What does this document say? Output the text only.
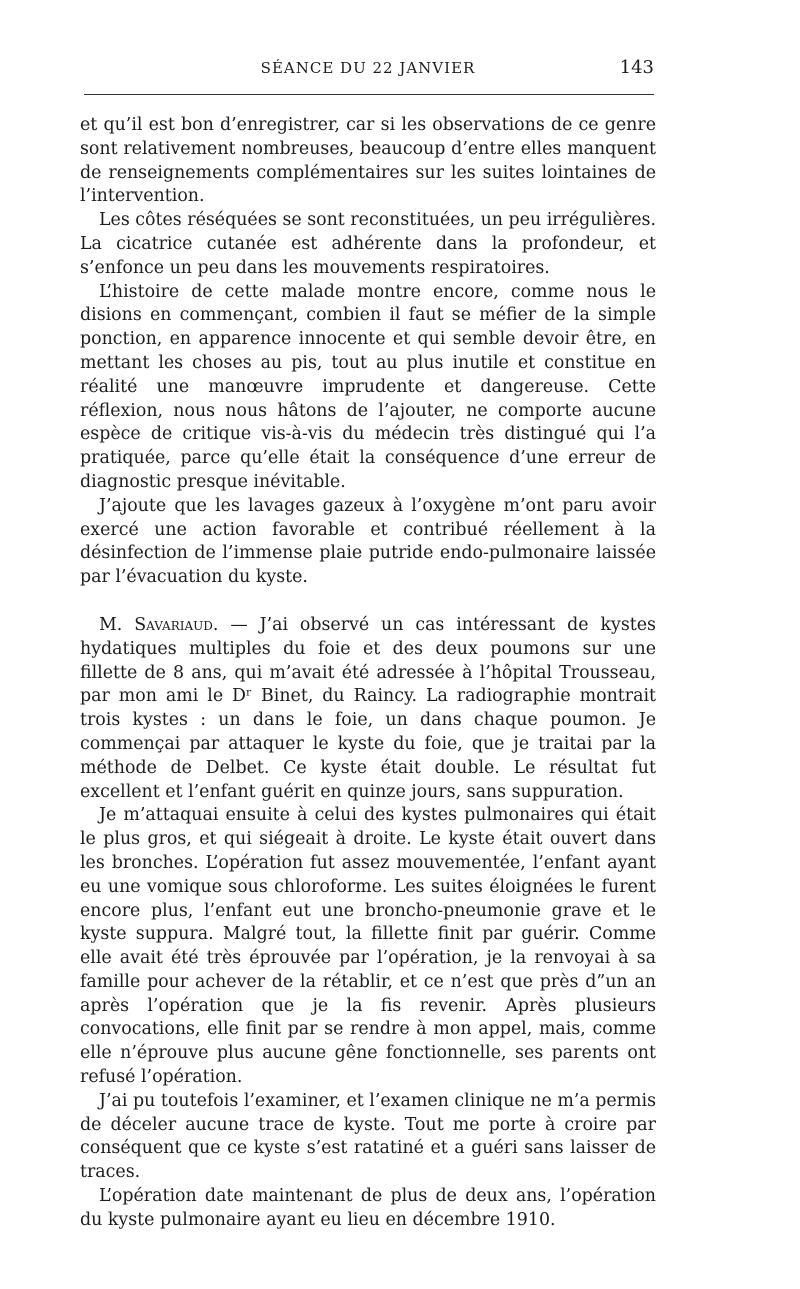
SÉANCE DU 22 JANVIER	143

et qu’il est bon d’enregistrer, car si les observations de ce genre sont relativement nombreuses, beaucoup d’entre elles manquent de renseignements complémentaires sur les suites lointaines de l’intervention.

Les côtes réséquées se sont reconstituées, un peu irrégulières. La cicatrice cutanée est adhérente dans la profondeur, et s’enfonce un peu dans les mouvements respiratoires.

L’histoire de cette malade montre encore, comme nous le disions en commençant, combien il faut se méfier de la simple ponction, en apparence innocente et qui semble devoir être, en mettant les choses au pis, tout au plus inutile et constitue en réalité une manœuvre imprudente et dangereuse. Cette réflexion, nous nous hâtons de l’ajouter, ne comporte aucune espèce de critique vis-à-vis du médecin très distingué qui l’a pratiquée, parce qu’elle était la conséquence d’une erreur de diagnostic presque inévitable.

J’ajoute que les lavages gazeux à l’oxygène m’ont paru avoir exercé une action favorable et contribué réellement à la désinfection de l’immense plaie putride endo-pulmonaire laissée par l’évacuation du kyste.

M. Savariaud. — J’ai observé un cas intéressant de kystes hydatiques multiples du foie et des deux poumons sur une fillette de 8 ans, qui m’avait été adressée à l’hôpital Trousseau, par mon ami le Dʳ Binet, du Raincy. La radiographie montrait trois kystes : un dans le foie, un dans chaque poumon. Je commençai par attaquer le kyste du foie, que je traitai par la méthode de Delbet. Ce kyste était double. Le résultat fut excellent et l’enfant guérit en quinze jours, sans suppuration.

Je m’attaquai ensuite à celui des kystes pulmonaires qui était le plus gros, et qui siégeait à droite. Le kyste était ouvert dans les bronches. L’opération fut assez mouvementée, l’enfant ayant eu une vomique sous chloroforme. Les suites éloignées le furent encore plus, l’enfant eut une broncho-pneumonie grave et le kyste suppura. Malgré tout, la fillette finit par guérir. Comme elle avait été très éprouvée par l’opération, je la renvoyai à sa famille pour achever de la rétablir, et ce n’est que près d”un an après l’opération que je la fis revenir. Après plusieurs convocations, elle finit par se rendre à mon appel, mais, comme elle n’éprouve plus aucune gêne fonctionnelle, ses parents ont refusé l’opération.

J’ai pu toutefois l’examiner, et l’examen clinique ne m’a permis de déceler aucune trace de kyste. Tout me porte à croire par conséquent que ce kyste s’est ratatiné et a guéri sans laisser de traces.

L’opération date maintenant de plus de deux ans, l’opération du kyste pulmonaire ayant eu lieu en décembre 1910.
